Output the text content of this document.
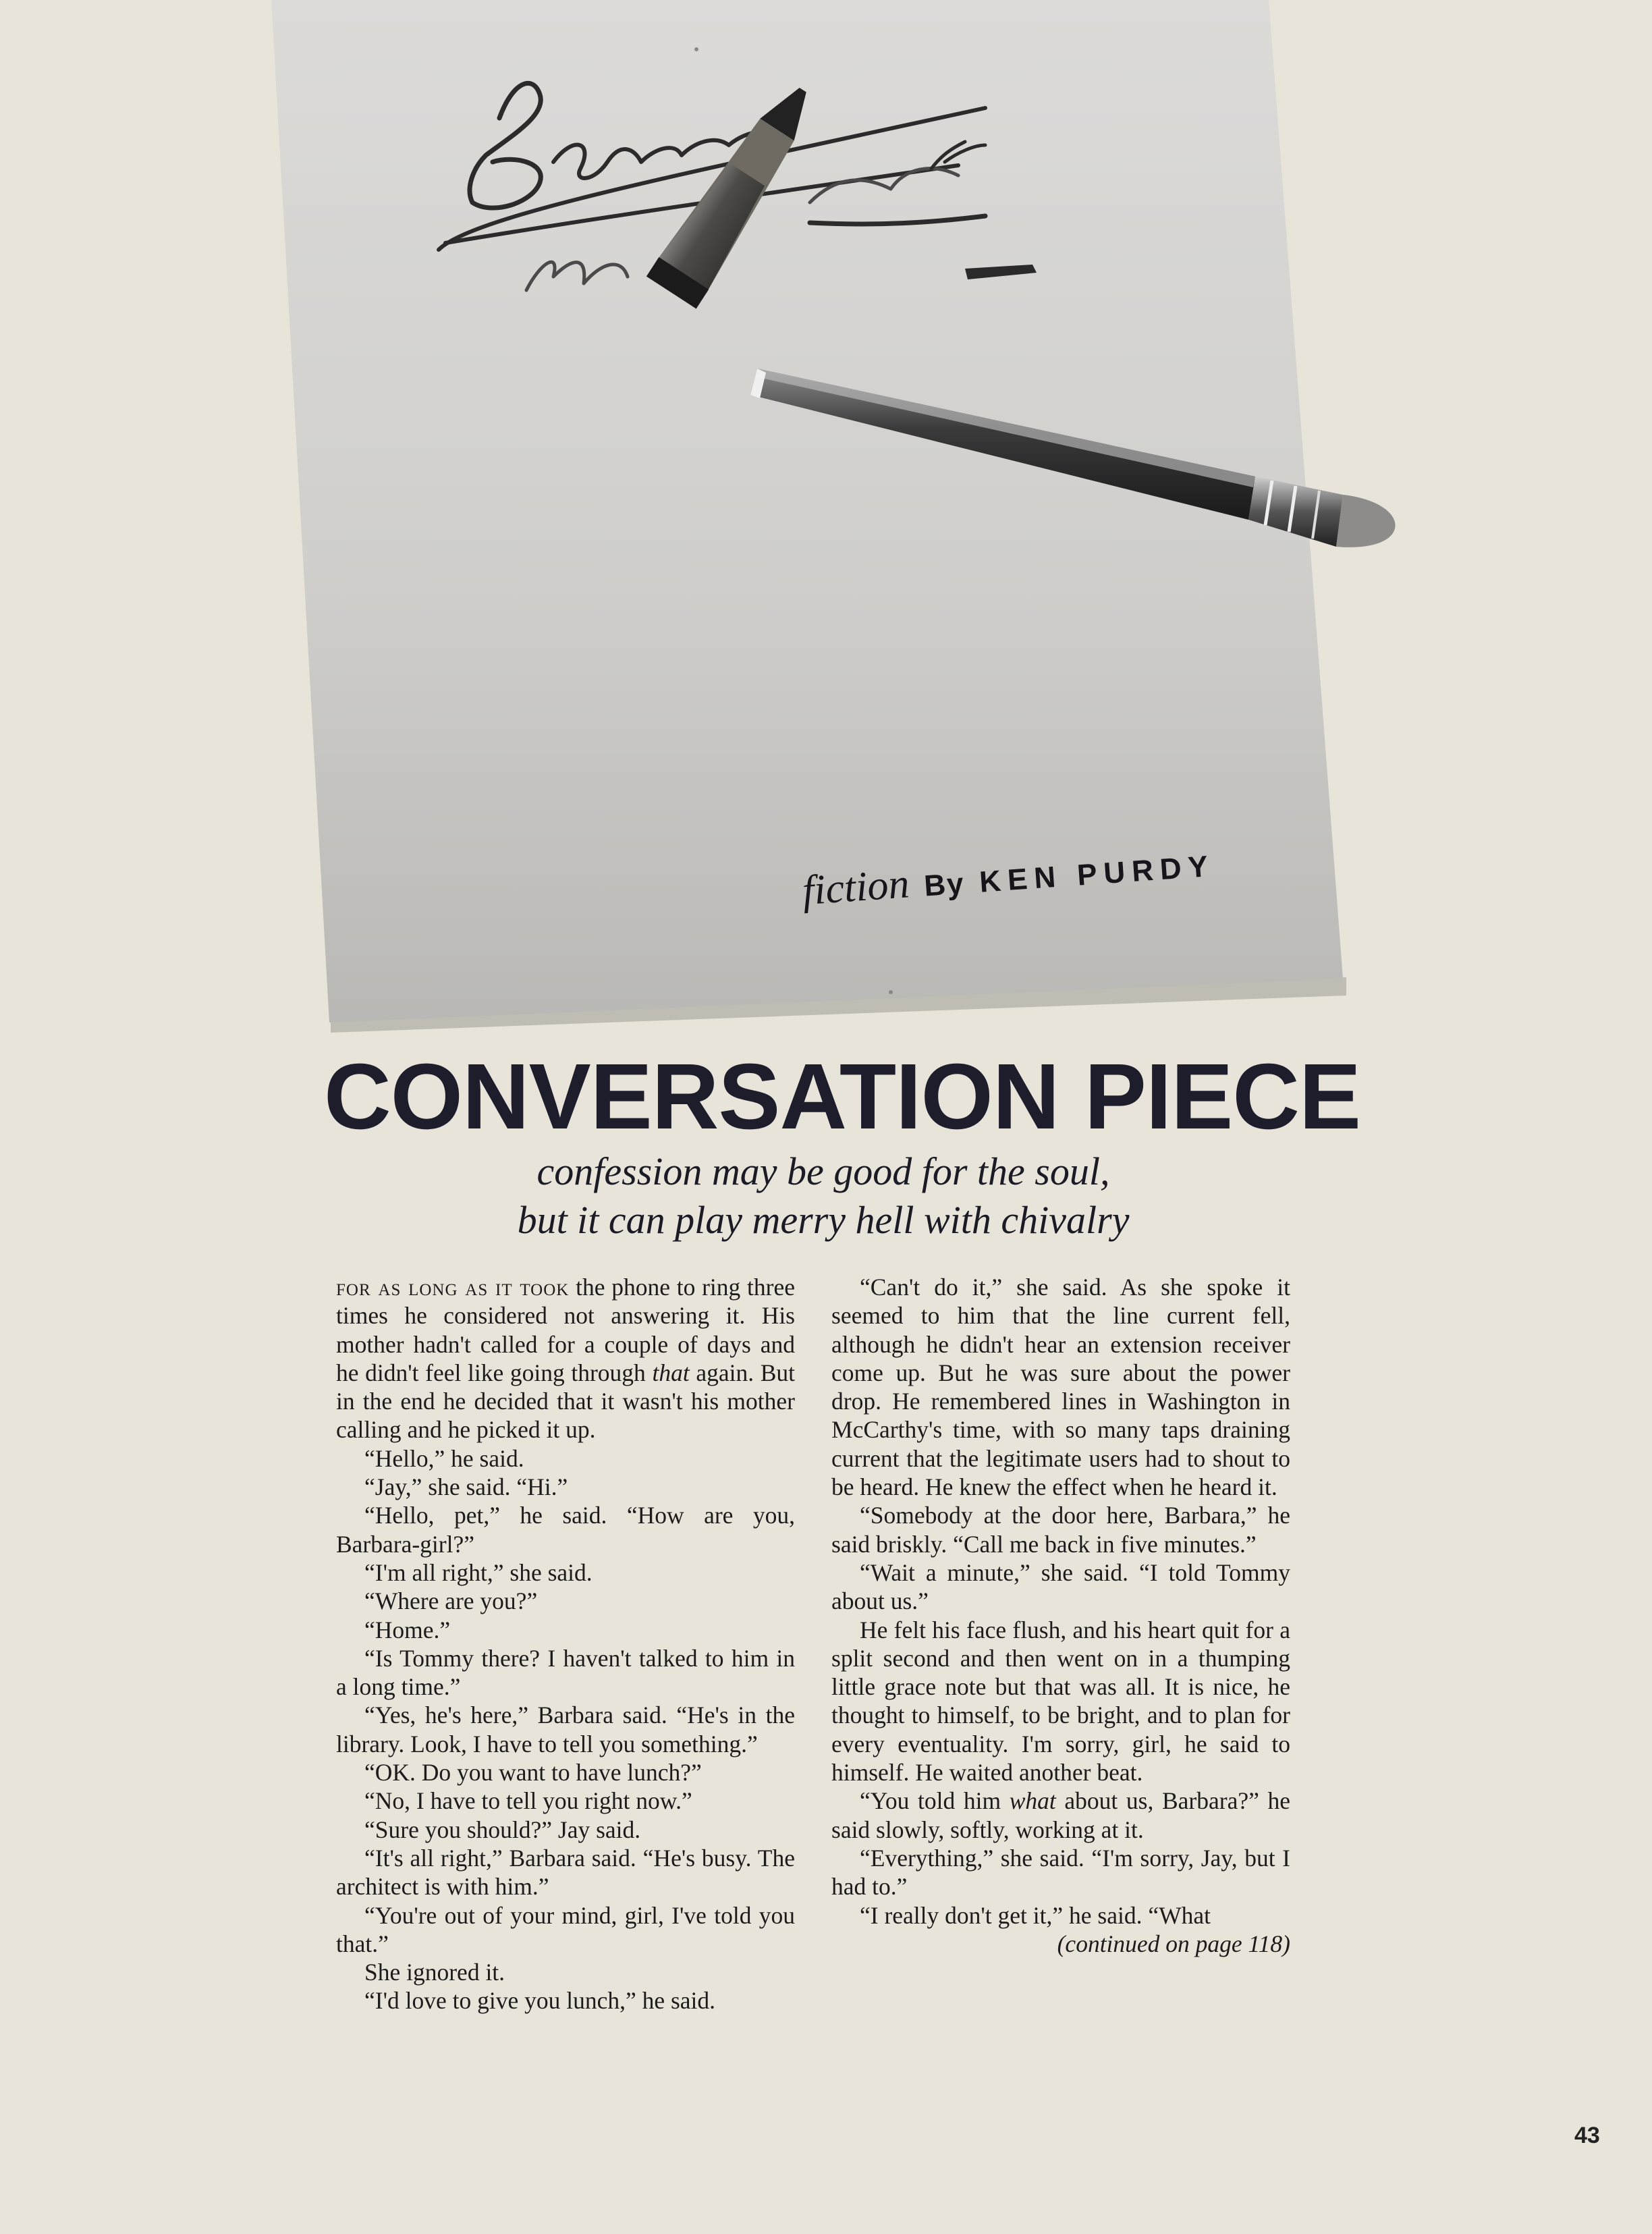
fiction By KEN PURDY
CONVERSATION PIECE

confession may be good for the soul,

but it can play merry hell with chivalry

for as long as it took the phone to ring three times he considered not answering it. His mother hadn't called for a couple of days and he didn't feel like going through that again. But in the end he decided that it wasn't his mother calling and he picked it up.

“Hello,” he said.

“Jay,” she said. “Hi.”

“Hello, pet,” he said. “How are you, Barbara-girl?”

“I'm all right,” she said.

“Where are you?”

“Home.”

“Is Tommy there? I haven't talked to him in a long time.”

“Yes, he's here,” Barbara said. “He's in the library. Look, I have to tell you something.”

“OK. Do you want to have lunch?”

“No, I have to tell you right now.”

“Sure you should?” Jay said.

“It's all right,” Barbara said. “He's busy. The architect is with him.”

“You're out of your mind, girl, I've told you that.”

She ignored it.

“I'd love to give you lunch,” he said.

“Can't do it,” she said. As she spoke it seemed to him that the line current fell, although he didn't hear an extension receiver come up. But he was sure about the power drop. He remembered lines in Washington in McCarthy's time, with so many taps draining current that the legitimate users had to shout to be heard. He knew the effect when he heard it.

“Somebody at the door here, Barbara,” he said briskly. “Call me back in five minutes.”

“Wait a minute,” she said. “I told Tommy about us.”

He felt his face flush, and his heart quit for a split second and then went on in a thumping little grace note but that was all. It is nice, he thought to himself, to be bright, and to plan for every eventuality. I'm sorry, girl, he said to himself. He waited another beat.

“You told him what about us, Barbara?” he said slowly, softly, working at it.

“Everything,” she said. “I'm sorry, Jay, but I had to.”

“I really don't get it,” he said. “What

(continued on page 118)

43
